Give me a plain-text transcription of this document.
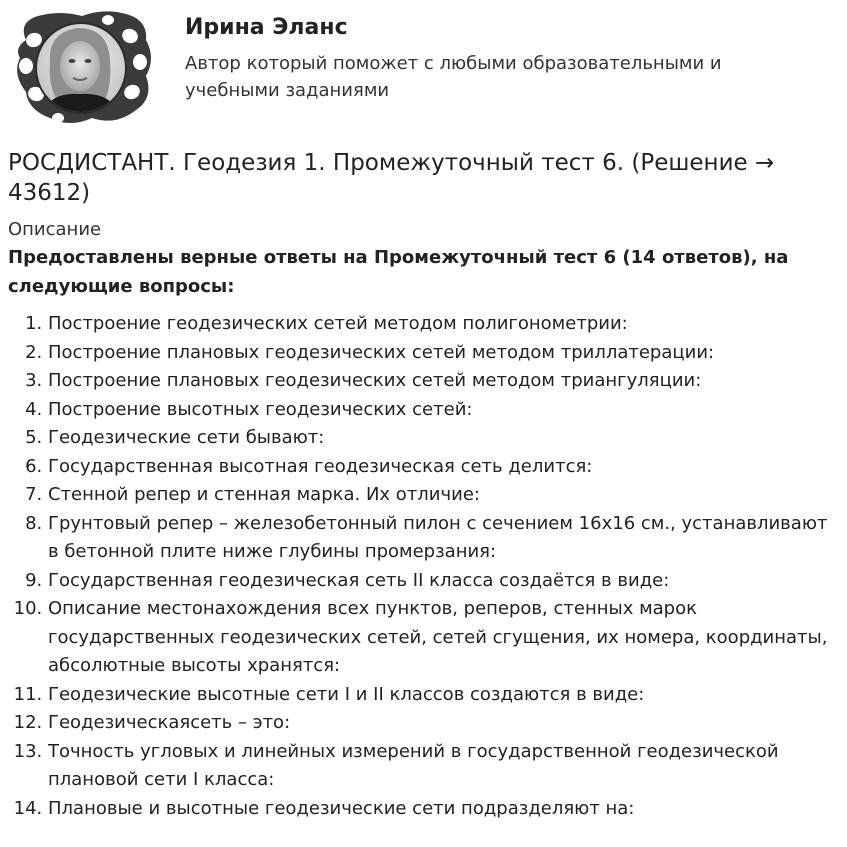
Ирина Эланс
Автор который поможет с любыми образовательными и учебными заданиями
РОСДИСТАНТ. Геодезия 1. Промежуточный тест 6. (Решение → 43612)
Описание
Предоставлены верные ответы на Промежуточный тест 6 (14 ответов), на следующие вопросы:
1. Построение геодезических сетей методом полигонометрии:
2. Построение плановых геодезических сетей методом триллатерации:
3. Построение плановых геодезических сетей методом триангуляции:
4. Построение высотных геодезических сетей:
5. Геодезические сети бывают:
6. Государственная высотная геодезическая сеть делится:
7. Стенной репер и стенная марка. Их отличие:
8. Грунтовый репер – железобетонный пилон с сечением 16х16 см., устанавливают в бетонной плите ниже глубины промерзания:
9. Государственная геодезическая сеть II класса создаётся в виде:
10. Описание местонахождения всех пунктов, реперов, стенных марок государственных геодезических сетей, сетей сгущения, их номера, координаты, абсолютные высоты хранятся:
11. Геодезические высотные сети I и II классов создаются в виде:
12. Геодезическаясеть – это:
13. Точность угловых и линейных измерений в государственной геодезической плановой сети I класса:
14. Плановые и высотные геодезические сети подразделяют на:
